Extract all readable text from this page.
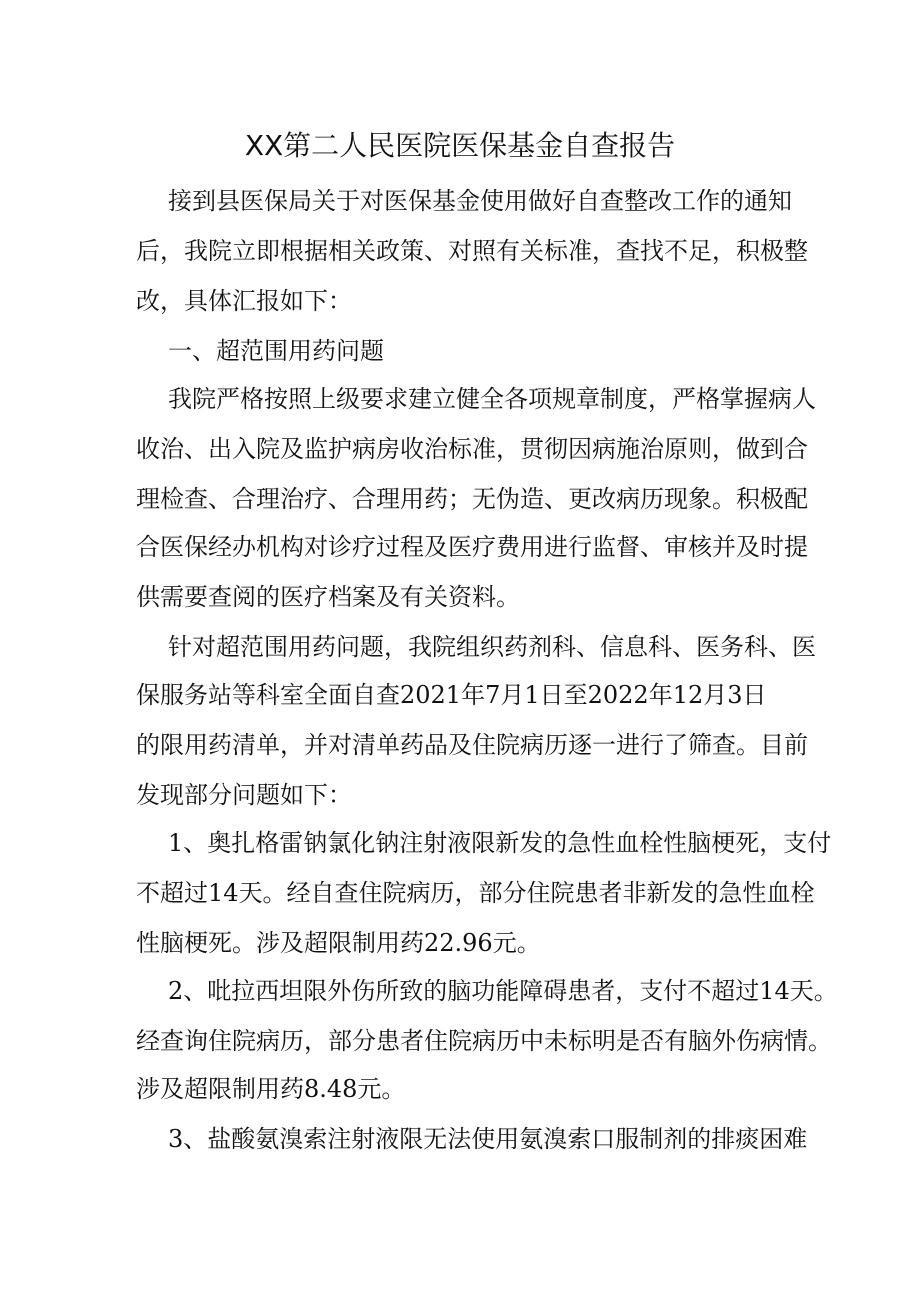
XX第二人民医院医保基金自查报告
接到县医保局关于对医保基金使用做好自查整改工作的通知
后，我院立即根据相关政策、对照有关标准，查找不足，积极整
改，具体汇报如下：
一、超范围用药问题
我院严格按照上级要求建立健全各项规章制度，严格掌握病人
收治、出入院及监护病房收治标准，贯彻因病施治原则，做到合
理检查、合理治疗、合理用药；无伪造、更改病历现象。积极配
合医保经办机构对诊疗过程及医疗费用进行监督、审核并及时提
供需要查阅的医疗档案及有关资料。
针对超范围用药问题，我院组织药剂科、信息科、医务科、医
保服务站等科室全面自查2021年7月1日至2022年12月3日
的限用药清单，并对清单药品及住院病历逐一进行了筛查。目前
发现部分问题如下：
1、奥扎格雷钠氯化钠注射液限新发的急性血栓性脑梗死，支付
不超过14天。经自查住院病历，部分住院患者非新发的急性血栓
性脑梗死。涉及超限制用药22.96元。
2、吡拉西坦限外伤所致的脑功能障碍患者，支付不超过14天。
经查询住院病历，部分患者住院病历中未标明是否有脑外伤病情。
涉及超限制用药8.48元。
3、盐酸氨溴索注射液限无法使用氨溴索口服制剂的排痰困难
